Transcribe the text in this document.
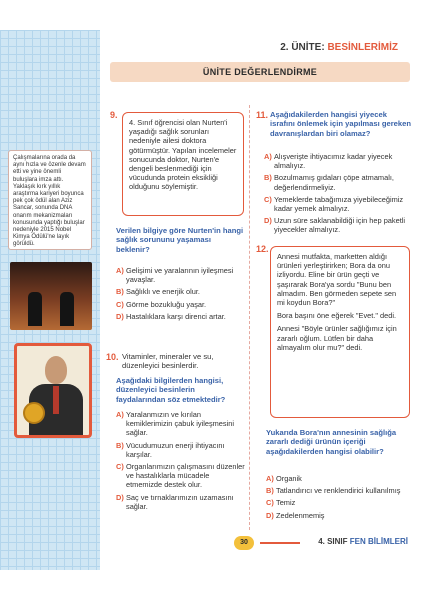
Çalışmalarına orada da aynı hızla ve özenle devam etti ve yine önemli buluşlara imza attı. Yaklaşık kırk yıllık araştırma kariyeri boyunca pek çok ödül alan Aziz Sancar, sonunda DNA onarım mekanizmaları konusunda yaptığı buluşlar nedeniyle 2015 Nobel Kimya Ödülü'ne layık görüldü.
2. ÜNİTE: BESİNLERİMİZ
ÜNİTE DEĞERLENDİRME
9.
4. Sınıf öğrencisi olan Nurten'i yaşadığı sağlık sorunları nedeniyle ailesi doktora götürmüştür. Yapılan incelemeler sonucunda doktor, Nurten'e dengeli beslenmediği için vücudunda protein eksikliği olduğunu söylemiştir.
Verilen bilgiye göre Nurten'in hangi sağlık sorununu yaşaması beklenir?
A) Gelişimi ve yaralarının iyileşmesi yavaşlar.
B) Sağlıklı ve enerjik olur.
C) Görme bozukluğu yaşar.
D) Hastalıklara karşı direnci artar.
10. Vitaminler, mineraler ve su, düzenleyici besinlerdir.
Aşağıdaki bilgilerden hangisi, düzenleyici besinlerin faydalarından söz etmektedir?
A) Yaralanmızın ve kırılan kemiklerimizin çabuk iyileşmesini sağlar.
B) Vücudumuzun enerji ihtiyacını karşılar.
C) Organlarımızın çalışmasını düzenler ve hastalıklarla mücadele etmemizde destek olur.
D) Saç ve tırnaklarımızın uzamasını sağlar.
11. Aşağıdakilerden hangisi yiyecek israfını önlemek için yapılması gereken davranışlardan biri olamaz?
A) Alışverişte ihtiyacımız kadar yiyecek almalıyız.
B) Bozulmamış gıdaları çöpe atmamalı, değerlendirmeliyiz.
C) Yemeklerde tabağımıza yiyebileceğimiz kadar yemek almalıyız.
D) Uzun süre saklanabildiği için hep paketli yiyecekler almalıyız.
12.

Annesi mutfakta, marketten aldığı ürünleri yerleştirirken; Bora da onu izliyordu. Eline bir ürün geçti ve şaşırarak Bora'ya sordu "Bunu ben almadım. Ben görmeden sepete sen mi koydun Bora?"

Bora başını öne eğerek "Evet." dedi.

Annesi "Böyle ürünler sağlığımız için zararlı oğlum. Lütfen bir daha almayalım olur mu?" dedi.

Yukarıda Bora'nın annesinin sağlığa zararlı dediği ürünün içeriği aşağıdakilerden hangisi olabilir?
A) Organik
B) Tatlandırıcı ve renklendirici kullanılmış
C) Temiz
D) Zedelenmemiş
30	4. SINIF FEN BİLİMLERİ
